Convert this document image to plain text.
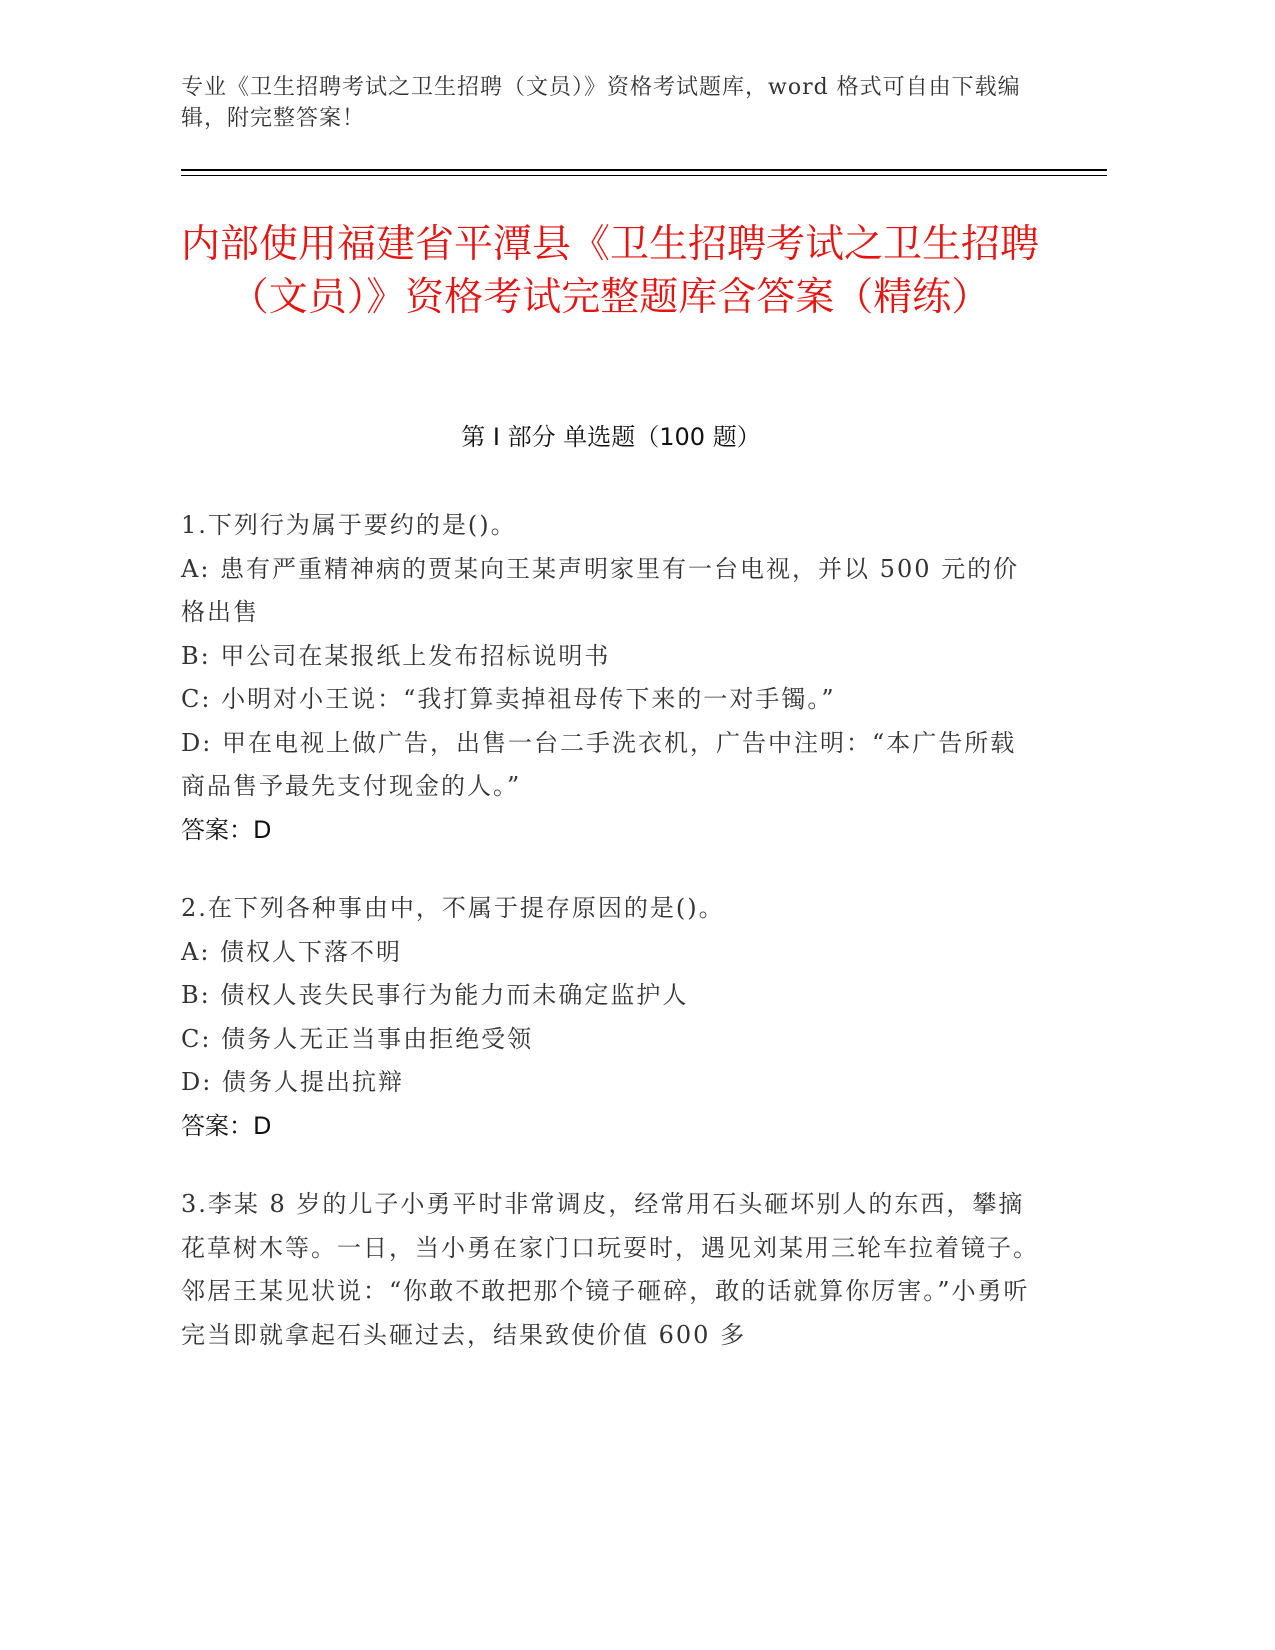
专业《卫生招聘考试之卫生招聘（文员）》资格考试题库，word 格式可自由下载编辑，附完整答案！
内部使用福建省平潭县《卫生招聘考试之卫生招聘（文员）》资格考试完整题库含答案（精练）
第 I 部分 单选题（100 题）
1.下列行为属于要约的是()。
A: 患有严重精神病的贾某向王某声明家里有一台电视，并以 500 元的价格出售
B: 甲公司在某报纸上发布招标说明书
C: 小明对小王说：“我打算卖掉祖母传下来的一对手镯。”
D: 甲在电视上做广告，出售一台二手洗衣机，广告中注明：“本广告所载商品售予最先支付现金的人。”
答案：D
2.在下列各种事由中，不属于提存原因的是()。
A: 债权人下落不明
B: 债权人丧失民事行为能力而未确定监护人
C: 债务人无正当事由拒绝受领
D: 债务人提出抗辩
答案：D
3.李某 8 岁的儿子小勇平时非常调皮，经常用石头砸坏别人的东西，攀摘花草树木等。一日，当小勇在家门口玩耍时，遇见刘某用三轮车拉着镜子。邻居王某见状说：“你敢不敢把那个镜子砸碎，敢的话就算你厉害。”小勇听完当即就拿起石头砸过去，结果致使价值 600 多
